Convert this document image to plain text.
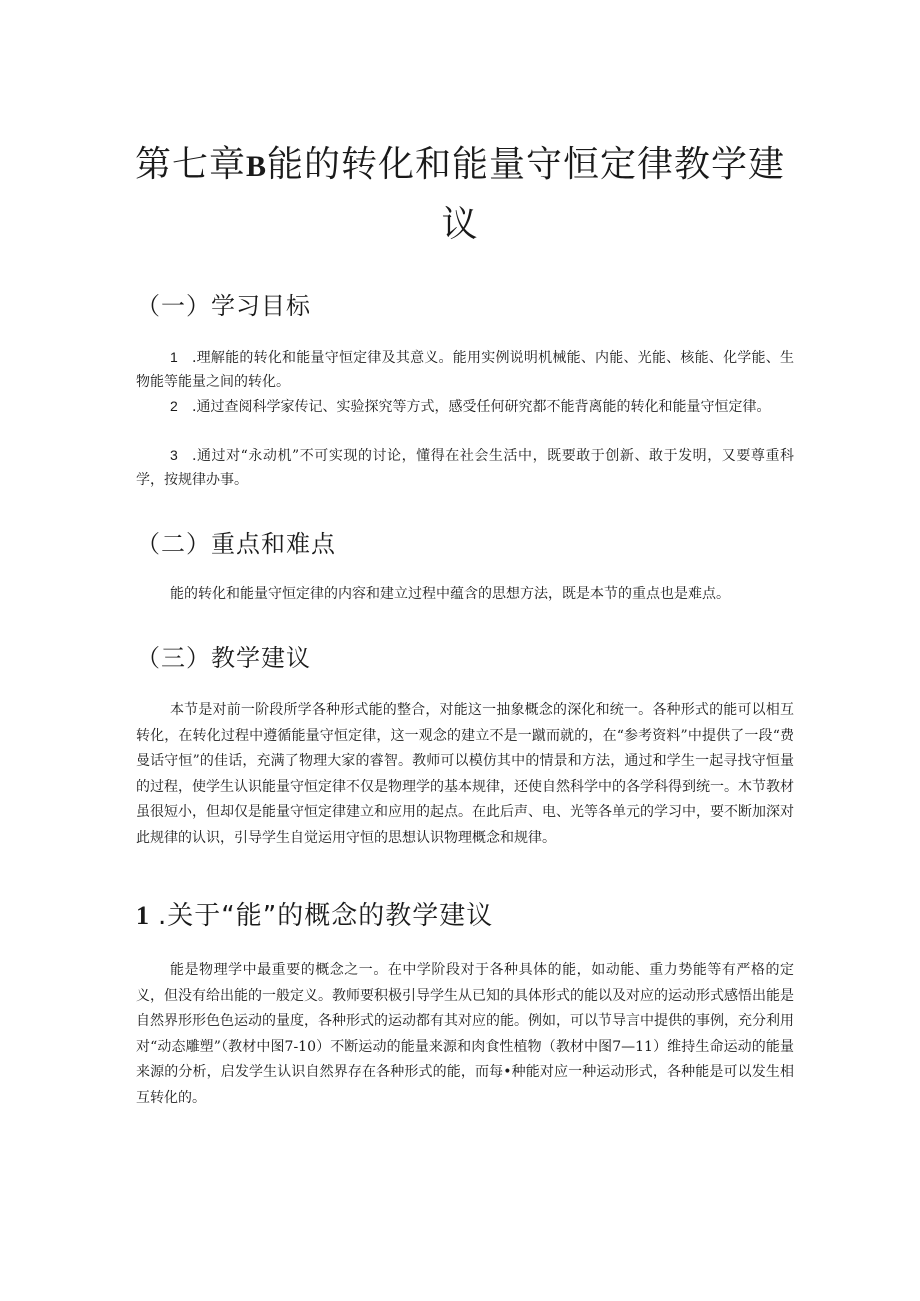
第七章B能的转化和能量守恒定律教学建
议
（一）学习目标

1 .理解能的转化和能量守恒定律及其意义。能用实例说明机械能、内能、光能、核能、化学能、生物能等能量之间的转化。

2 .通过查阅科学家传记、实验探究等方式，感受任何研究都不能背离能的转化和能量守恒定律。

3 .通过对“永动机”不可实现的讨论，懂得在社会生活中，既要敢于创新、敢于发明，又要尊重科学，按规律办事。

（二）重点和难点

能的转化和能量守恒定律的内容和建立过程中蕴含的思想方法，既是本节的重点也是难点。

（三）教学建议

本节是对前一阶段所学各种形式能的整合，对能这一抽象概念的深化和统一。各种形式的能可以相互转化，在转化过程中遵循能量守恒定律，这一观念的建立不是一蹴而就的，在“参考资料”中提供了一段“费曼话守恒”的佳话，充满了物理大家的睿智。教师可以模仿其中的情景和方法，通过和学生一起寻找守恒量的过程，使学生认识能量守恒定律不仅是物理学的基本规律，还使自然科学中的各学科得到统一。木节教材虽很短小，但却仅是能量守恒定律建立和应用的起点。在此后声、电、光等各单元的学习中，要不断加深对此规律的认识，引导学生自觉运用守恒的思想认识物理概念和规律。

1 .关于“能”的概念的教学建议

能是物理学中最重要的概念之一。在中学阶段对于各种具体的能，如动能、重力势能等有严格的定义，但没有给出能的一般定义。教师要积极引导学生从已知的具体形式的能以及对应的运动形式感悟出能是自然界形形色色运动的量度，各种形式的运动都有其对应的能。例如，可以节导言中提供的事例，充分利用对“动态雕塑”（教材中图7-10）不断运动的能量来源和肉食性植物（教材中图7—11）维持生命运动的能量来源的分析，启发学生认识自然界存在各种形式的能，而每•种能对应一种运动形式，各种能是可以发生相互转化的。
